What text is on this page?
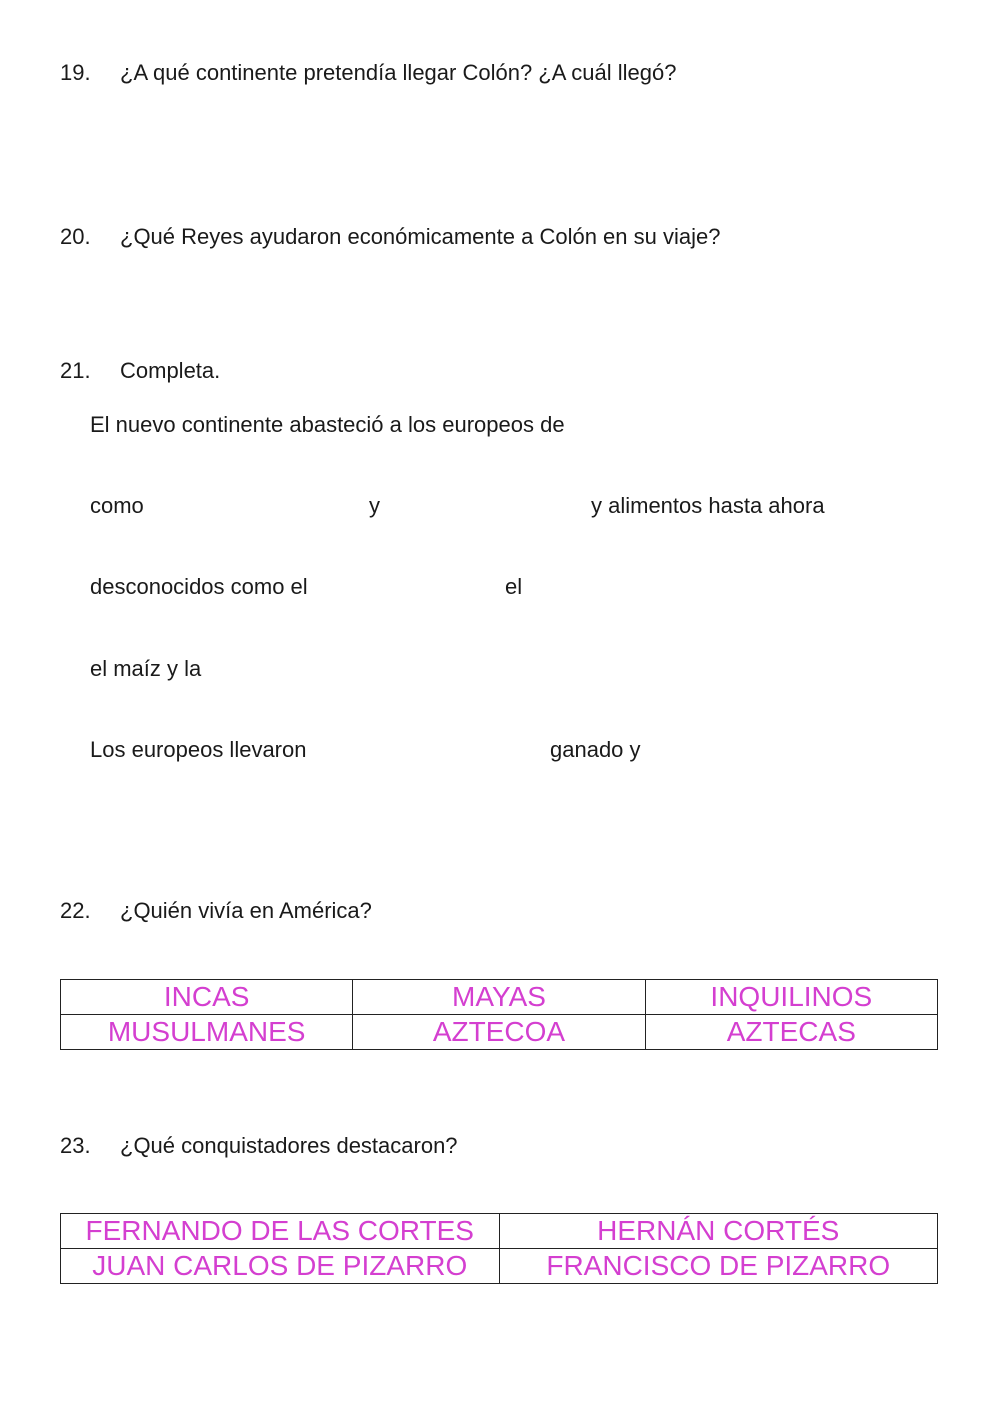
19. ¿A qué continente pretendía llegar Colón? ¿A cuál llegó?
20. ¿Qué Reyes ayudaron económicamente a Colón en su viaje?
21. Completa.
El nuevo continente abasteció a los europeos de
como	y	y alimentos hasta ahora
desconocidos como el	el
el maíz y la
Los europeos llevaron	ganado y
22. ¿Quién vivía en América?
INCAS	MAYAS	INQUILINOS
MUSULMANES	AZTECOA	AZTECAS
23. ¿Qué conquistadores destacaron?
FERNANDO DE LAS CORTES	HERNÁN CORTÉS
JUAN CARLOS DE PIZARRO	FRANCISCO DE PIZARRO
